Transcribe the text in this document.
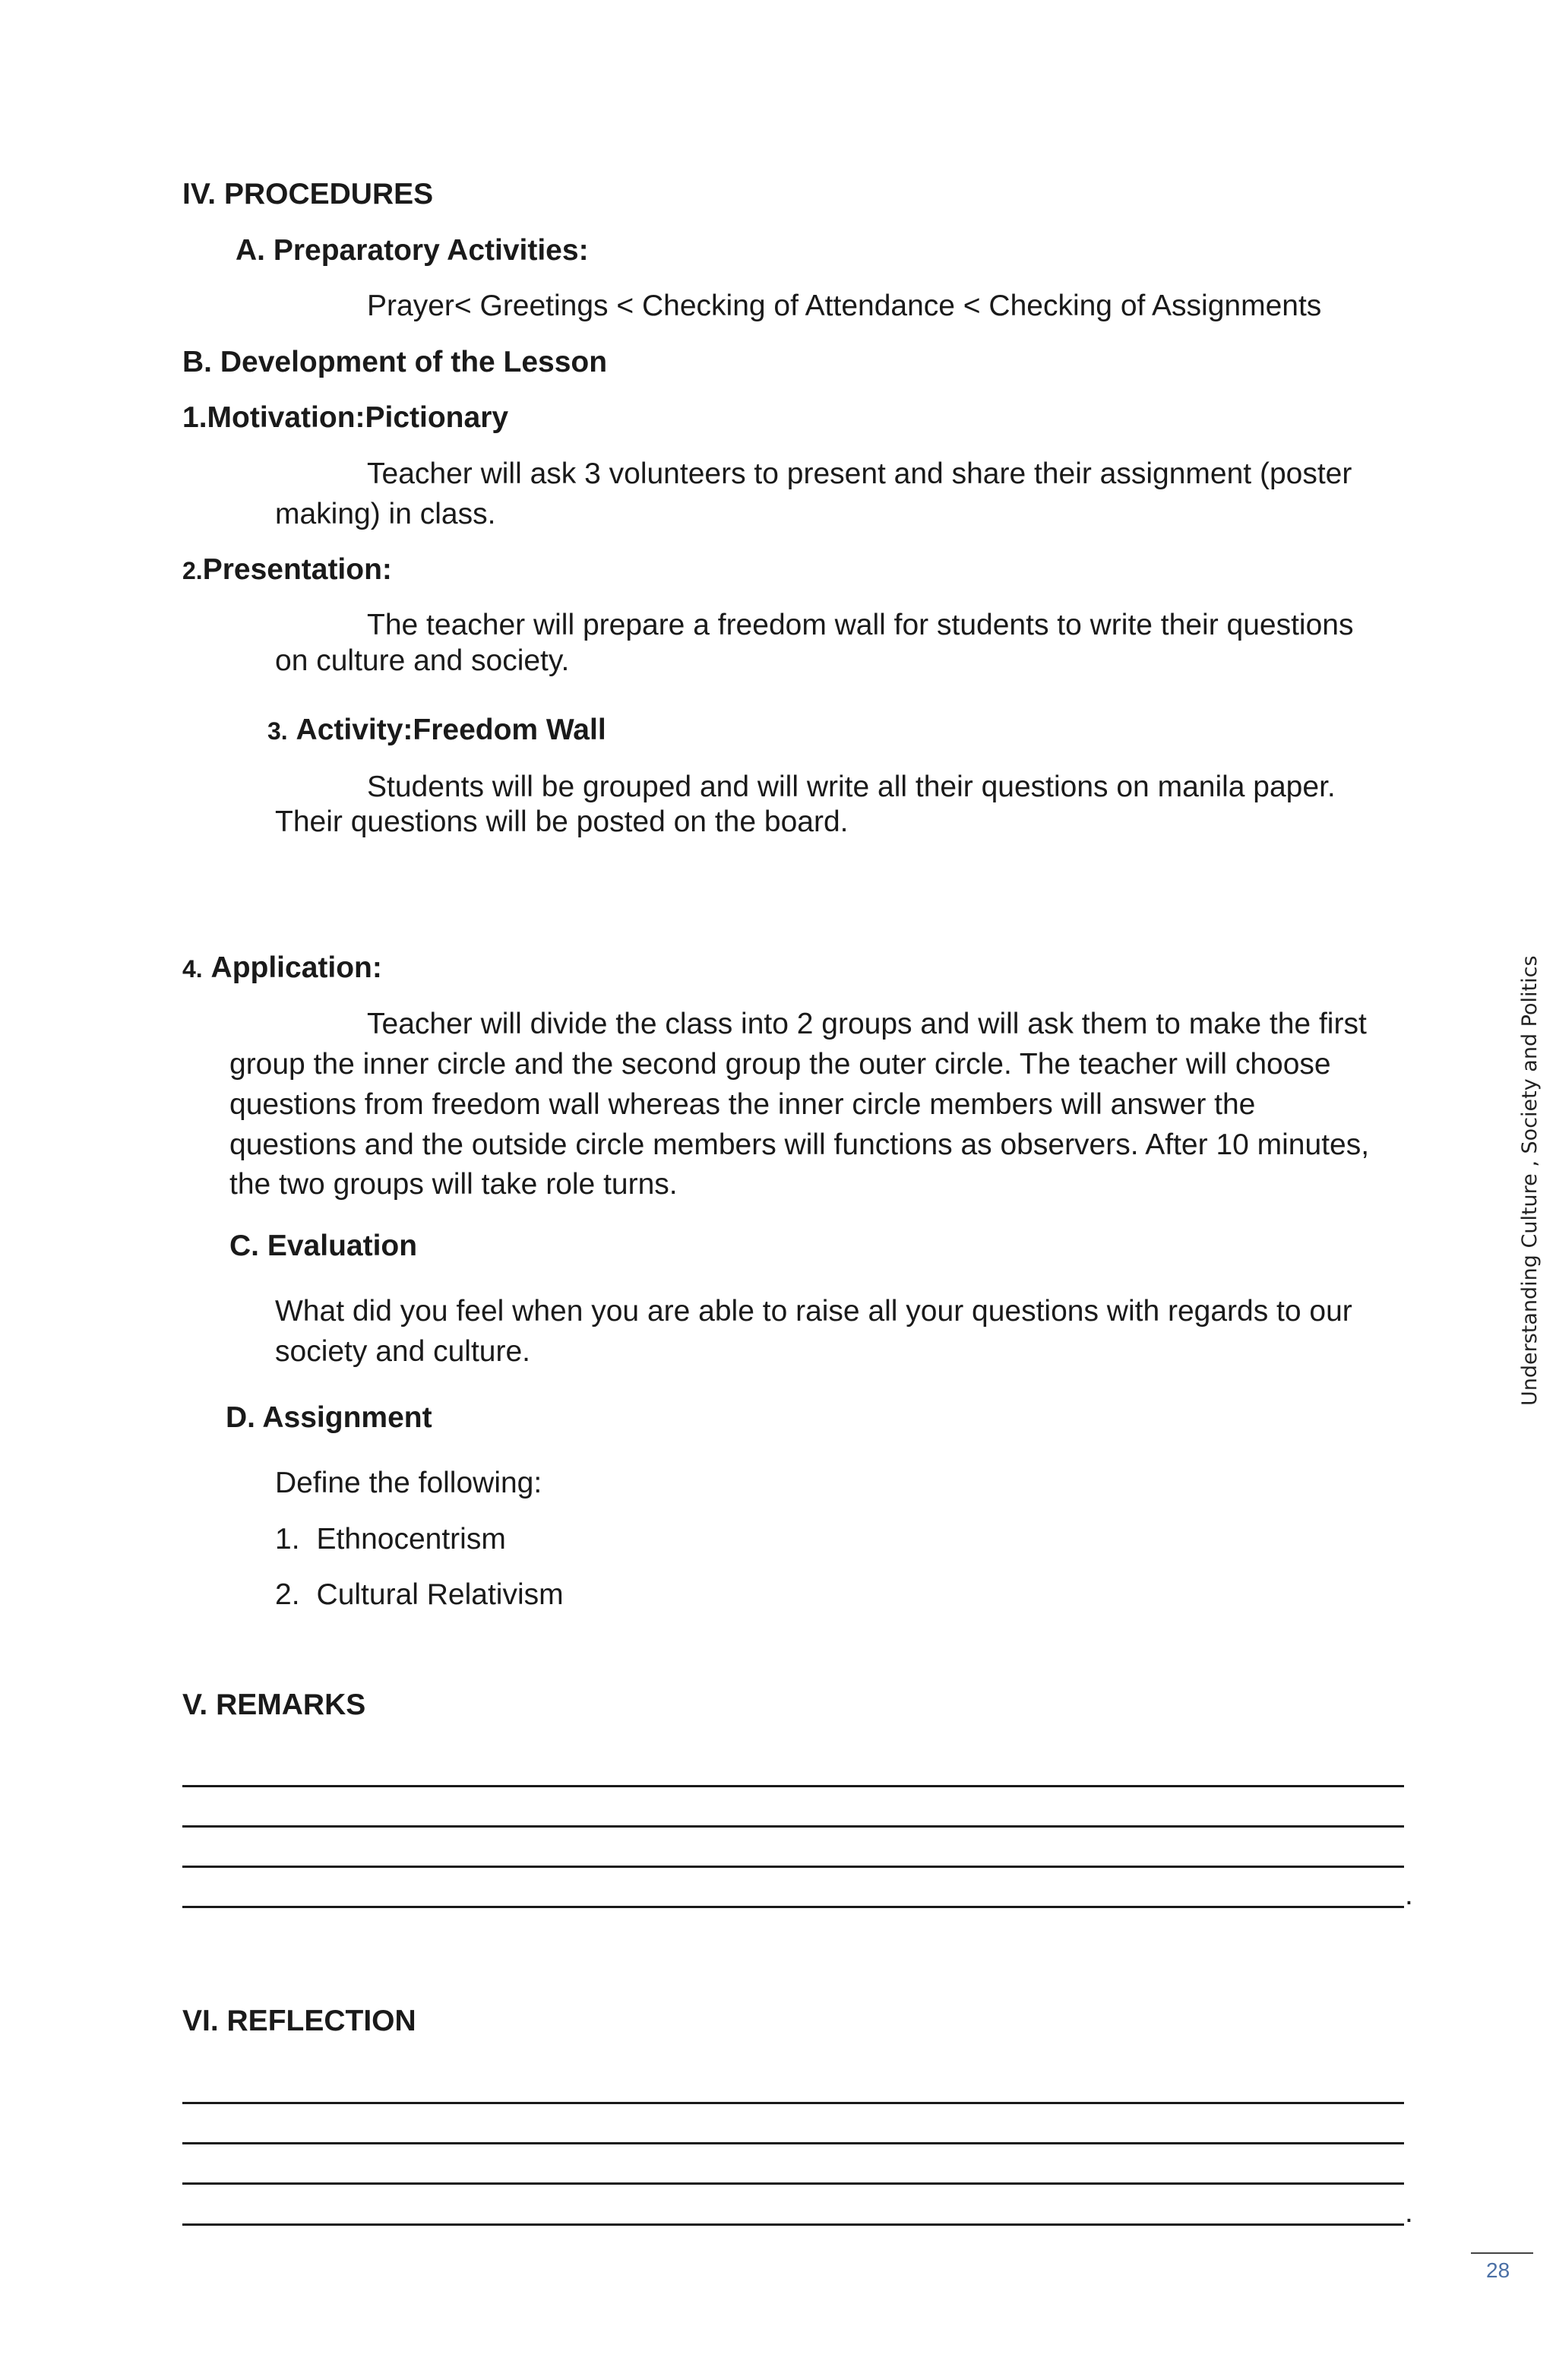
IV. PROCEDURES
A. Preparatory Activities:
Prayer< Greetings < Checking of Attendance < Checking of Assignments
B. Development of the Lesson
1.Motivation:Pictionary
Teacher will ask 3 volunteers to present and share their assignment (poster
making) in class.
2.Presentation:
The teacher will prepare a freedom wall for students to write their questions
on culture and society.
3. Activity:Freedom Wall
Students will be grouped and will write all their questions on manila paper.
Their questions will be posted on the board.
4. Application:
Teacher will divide the class into 2 groups and will ask them to make the first
group the inner circle and the second group the outer circle. The teacher will choose
questions from freedom wall whereas the inner circle members will answer the
questions and the outside circle members will functions as observers. After 10 minutes,
the two groups will take role turns.
C. Evaluation
What did you feel when you are able to raise all your questions with regards to our
society and culture.
D. Assignment
Define the following:
1. Ethnocentrism
2. Cultural Relativism
V. REMARKS
.
VI. REFLECTION
.
Understanding Culture , Society and Politics
28
